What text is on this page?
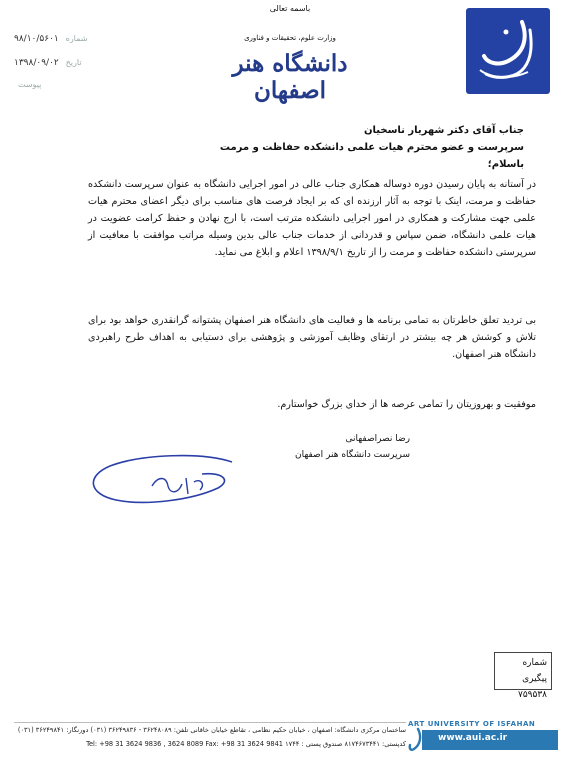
باسمه تعالی
وزارت علوم، تحقیقات و فناوری
دانشگاه هنر اصفهان
۹۸/۱۰/۵۶۰۱ شماره
۱۳۹۸/۰۹/۰۲ تاریخ
پیوست
جناب آقای دکتر شهریار ناسخیان
سرپرست و عضو محترم هیات علمی دانشکده حفاظت و مرمت
باسلام؛
در آستانه به پایان رسیدن دوره دوساله همکاری جناب عالی در امور اجرایی دانشگاه به عنوان سرپرست دانشکده حفاظت و مرمت، اینک با توجه به آثار ارزنده ای که بر ایجاد فرصت های مناسب برای دیگر اعضای محترم هیات علمی جهت مشارکت و همکاری در امور اجرایی دانشکده مترتب است، با ارج نهادن و حفظ کرامت عضویت در هیات علمی دانشگاه، ضمن سپاس و قدردانی از خدمات جناب عالی بدین وسیله مراتب موافقت با معافیت از سرپرستی دانشکده حفاظت و مرمت را از تاریخ ۱۳۹۸/۹/۱ اعلام و ابلاغ می نماید.
بی تردید تعلق خاطرتان به تمامی برنامه ها و فعالیت های دانشگاه هنر اصفهان پشتوانه گرانقدری خواهد بود برای تلاش و کوشش هر چه بیشتر در ارتقای وظایف آموزشی و پژوهشی برای دستیابی به اهداف طرح راهبردی دانشگاه هنر اصفهان.
موفقیت و بهروزیتان را تمامی عرصه ها از خدای بزرگ خواستارم.
رضا نصراصفهانی
سرپرست دانشگاه هنر اصفهان
شماره پیگیری
۷۵۹۵۳۸
ساختمان مرکزی دانشگاه: اصفهان ، خیابان حکیم نظامی ، تقاطع خیابان خاقانی تلفن: ۳۶۲۴۸۰۸۹ - ۳۶۲۴۹۸۳۶ (۰۳۱) دورنگار: ۳۶۲۴۹۸۴۱ (۰۳۱)
کدپستی: ۸۱۷۴۶۷۳۴۴۱ صندوق پستی : ۱۷۴۴ Tel: +98 31 3624 9836 , 3624 8089 Fax: +98 31 3624 9841
ART UNIVERSITY OF ISFAHAN
www.aui.ac.ir
